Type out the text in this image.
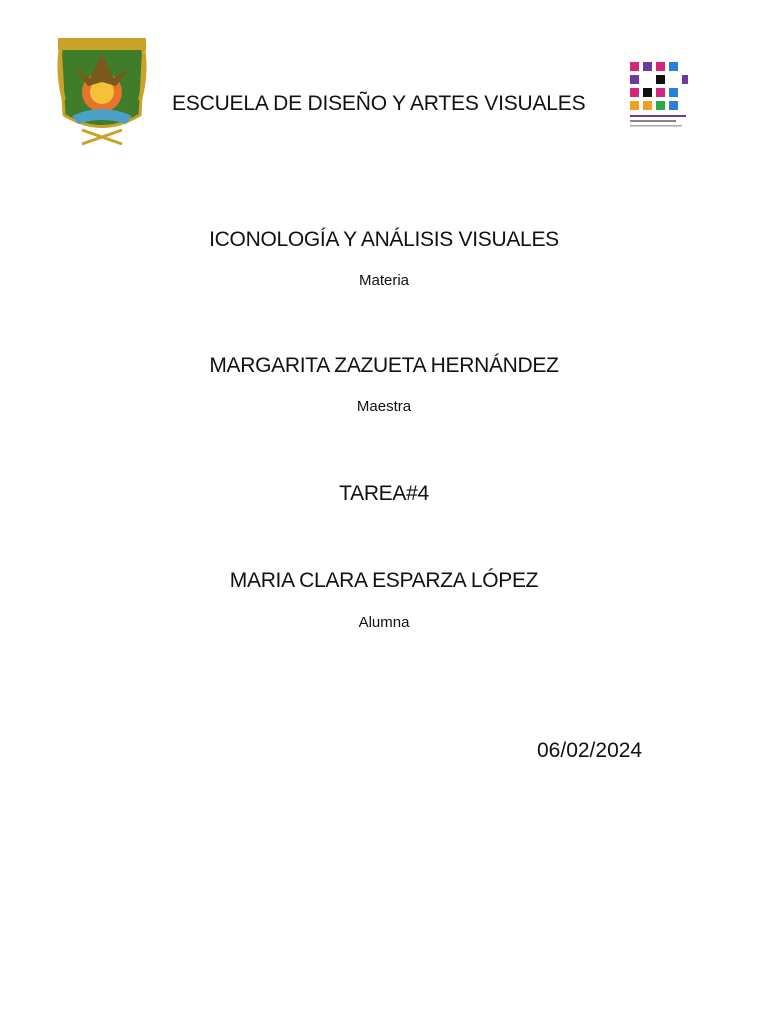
ESCUELA DE DISEÑO Y ARTES VISUALES
ICONOLOGÍA Y ANÁLISIS VISUALES
Materia
MARGARITA ZAZUETA HERNÁNDEZ
Maestra
TAREA#4
MARIA CLARA ESPARZA LÓPEZ
Alumna
06/02/2024
